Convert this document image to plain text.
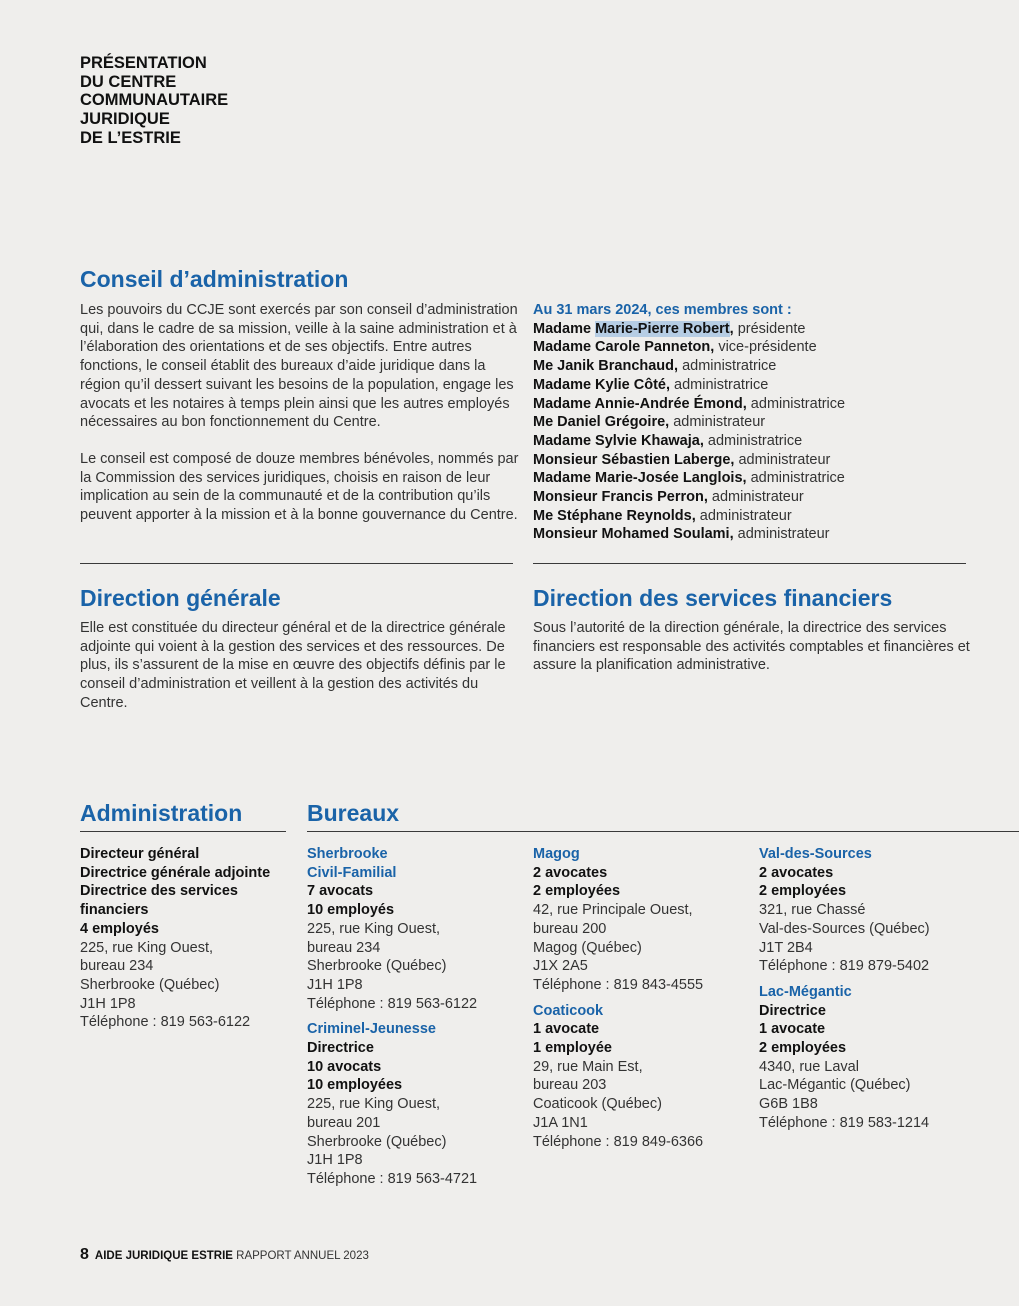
PRÉSENTATION
DU CENTRE
COMMUNAUTAIRE
JURIDIQUE
DE L’ESTRIE
Conseil d’administration

Les pouvoirs du CCJE sont exercés par son conseil d’administration qui, dans le cadre de sa mission, veille à la saine administration et à l’élaboration des orientations et de ses objectifs. Entre autres fonctions, le conseil établit des bureaux d’aide juridique dans la région qu’il dessert suivant les besoins de la population, engage les avocats et les notaires à temps plein ainsi que les autres employés nécessaires au bon fonctionnement du Centre.

Le conseil est composé de douze membres bénévoles, nommés par la Commission des services juridiques, choisis en raison de leur implication au sein de la communauté et de la contribution qu’ils peuvent apporter à la mission et à la bonne gouvernance du Centre.

Au 31 mars 2024, ces membres sont :
Madame Marie-Pierre Robert, présidente
Madame Carole Panneton, vice-présidente
Me Janik Branchaud, administratrice
Madame Kylie Côté, administratrice
Madame Annie-Andrée Émond, administratrice
Me Daniel Grégoire, administrateur
Madame Sylvie Khawaja, administratrice
Monsieur Sébastien Laberge, administrateur
Madame Marie-Josée Langlois, administratrice
Monsieur Francis Perron, administrateur
Me Stéphane Reynolds, administrateur
Monsieur Mohamed Soulami, administrateur
Direction générale

Elle est constituée du directeur général et de la directrice générale adjointe qui voient à la gestion des services et des ressources. De plus, ils s’assurent de la mise en œuvre des objectifs définis par le conseil d’administration et veillent à la gestion des activités du Centre.

Direction des services financiers

Sous l’autorité de la direction générale, la directrice des services financiers est responsable des activités comptables et financières et assure la planification administrative.

Administration	Bureaux
Directeur général
Directrice générale adjointe
Directrice des services
financiers
4 employés
225, rue King Ouest,
bureau 234
Sherbrooke (Québec)
J1H 1P8
Téléphone : 819 563-6122
Sherbrooke
Civil-Familial
7 avocats
10 employés
225, rue King Ouest,
bureau 234
Sherbrooke (Québec)
J1H 1P8
Téléphone : 819 563-6122
Criminel-Jeunesse
Directrice
10 avocats
10 employées
225, rue King Ouest,
bureau 201
Sherbrooke (Québec)
J1H 1P8
Téléphone : 819 563-4721
Magog
2 avocates
2 employées
42, rue Principale Ouest,
bureau 200
Magog (Québec)
J1X 2A5
Téléphone : 819 843-4555
Coaticook
1 avocate
1 employée
29, rue Main Est,
bureau 203
Coaticook (Québec)
J1A 1N1
Téléphone : 819 849-6366
Val-des-Sources
2 avocates
2 employées
321, rue Chassé
Val-des-Sources (Québec)
J1T 2B4
Téléphone : 819 879-5402
Lac-Mégantic
Directrice
1 avocate
2 employées
4340, rue Laval
Lac-Mégantic (Québec)
G6B 1B8
Téléphone : 819 583-1214
8 AIDE JURIDIQUE ESTRIE RAPPORT ANNUEL 2023
